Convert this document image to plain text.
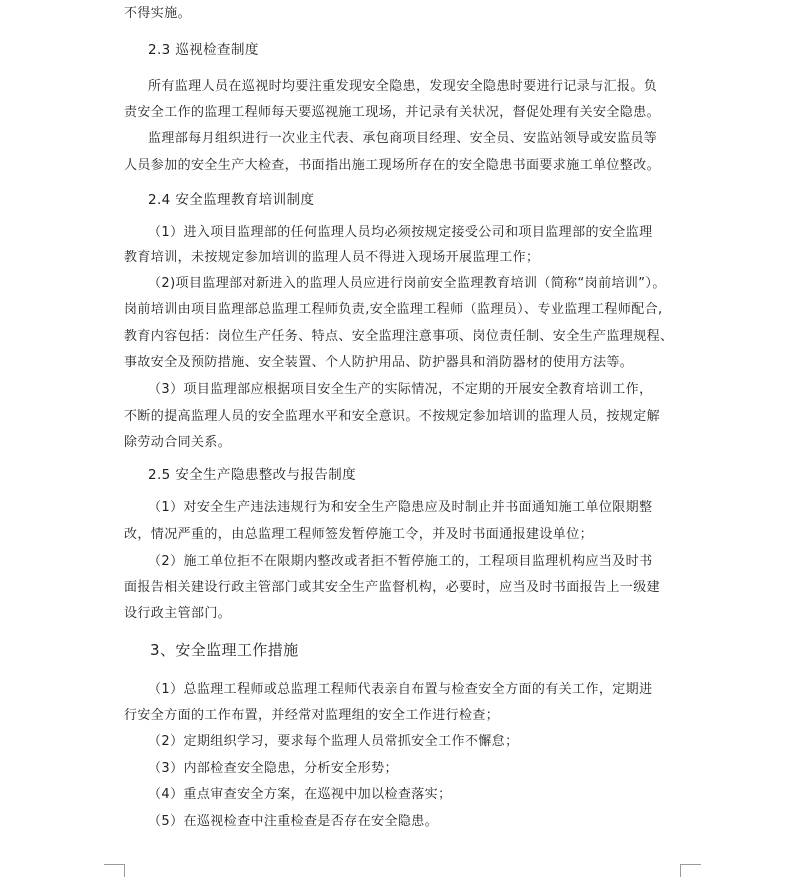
不得实施。
2.3 巡视检查制度
所有监理人员在巡视时均要注重发现安全隐患，发现安全隐患时要进行记录与汇报。负
责安全工作的监理工程师每天要巡视施工现场，并记录有关状况，督促处理有关安全隐患。
监理部每月组织进行一次业主代表、承包商项目经理、安全员、安监站领导或安监员等
人员参加的安全生产大检查，书面指出施工现场所存在的安全隐患书面要求施工单位整改。
2.4 安全监理教育培训制度
（1）进入项目监理部的任何监理人员均必须按规定接受公司和项目监理部的安全监理
教育培训，未按规定参加培训的监理人员不得进入现场开展监理工作；
（2)项目监理部对新进入的监理人员应进行岗前安全监理教育培训（简称“岗前培训”）。
岗前培训由项目监理部总监理工程师负责,安全监理工程师（监理员）、专业监理工程师配合,
教育内容包括：岗位生产任务、特点、安全监理注意事项、岗位责任制、安全生产监理规程、
事故安全及预防措施、安全装置、个人防护用品、防护器具和消防器材的使用方法等。
（3）项目监理部应根据项目安全生产的实际情况，不定期的开展安全教育培训工作，
不断的提高监理人员的安全监理水平和安全意识。不按规定参加培训的监理人员，按规定解
除劳动合同关系。
2.5 安全生产隐患整改与报告制度
（1）对安全生产违法违规行为和安全生产隐患应及时制止并书面通知施工单位限期整
改，情况严重的，由总监理工程师签发暂停施工令，并及时书面通报建设单位；
（2）施工单位拒不在限期内整改或者拒不暂停施工的，工程项目监理机构应当及时书
面报告相关建设行政主管部门或其安全生产监督机构，必要时，应当及时书面报告上一级建
设行政主管部门。
3、安全监理工作措施
（1）总监理工程师或总监理工程师代表亲自布置与检查安全方面的有关工作，定期进
行安全方面的工作布置，并经常对监理组的安全工作进行检查；
（2）定期组织学习，要求每个监理人员常抓安全工作不懈怠；
（3）内部检查安全隐患，分析安全形势；
（4）重点审查安全方案，在巡视中加以检查落实；
（5）在巡视检查中注重检查是否存在安全隐患。
